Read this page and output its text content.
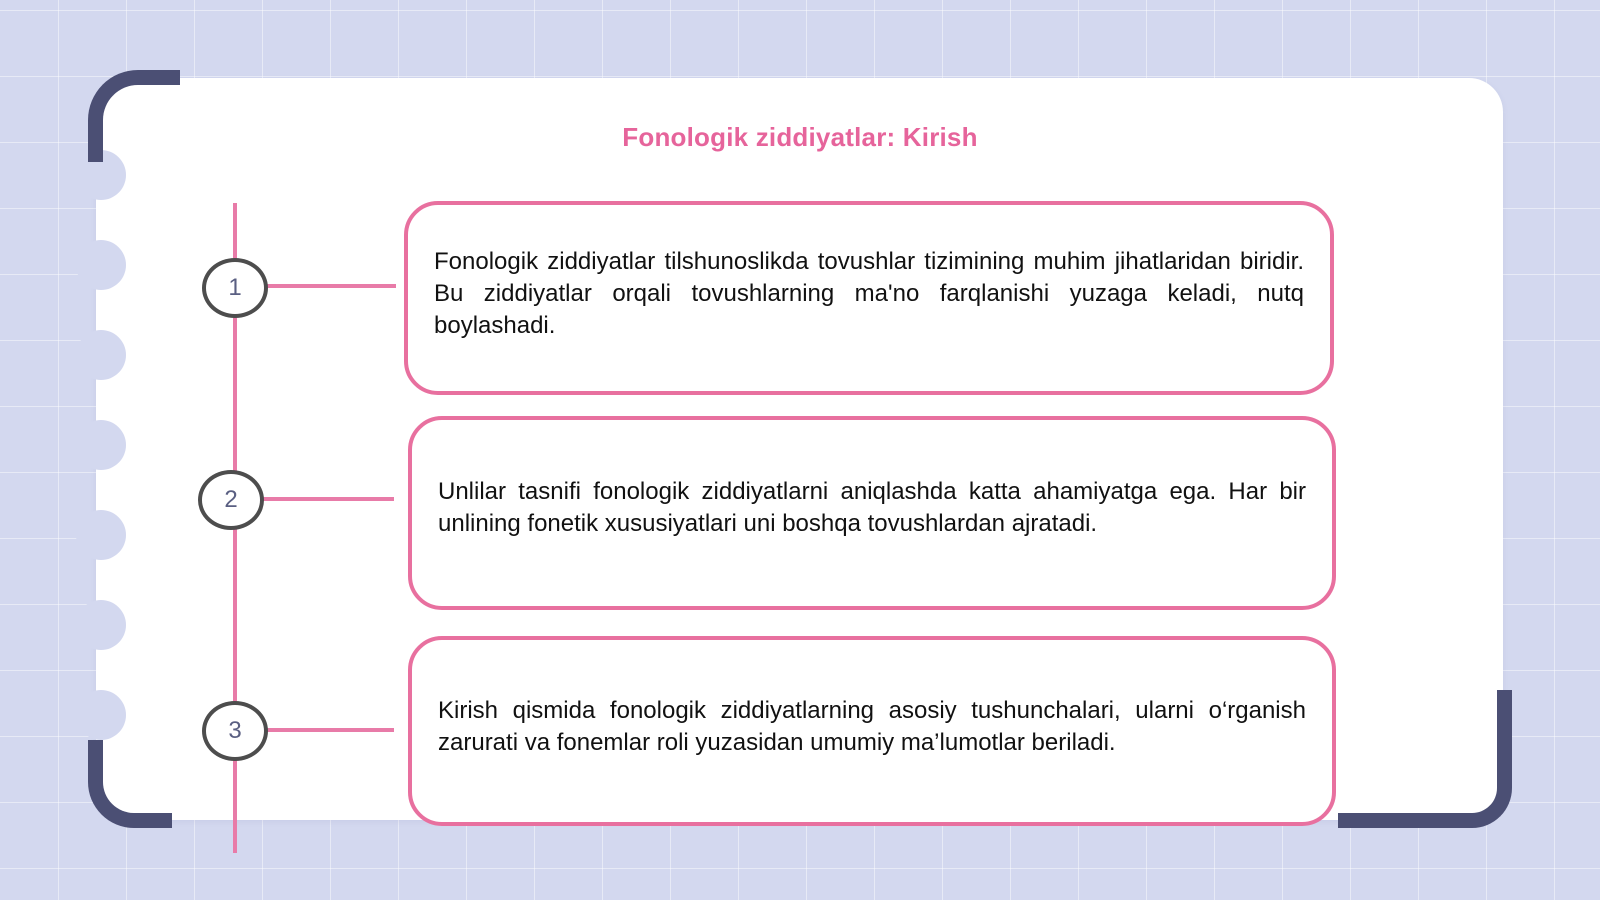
Fonologik ziddiyatlar: Kirish
1
2
3

Fonologik ziddiyatlar tilshunoslikda tovushlar tizimining muhim jihatlaridan biridir. Bu ziddiyatlar orqali tovushlarning ma'no farqlanishi yuzaga keladi, nutq boylashadi.

Unlilar tasnifi fonologik ziddiyatlarni aniqlashda katta ahamiyatga ega. Har bir unlining fonetik xususiyatlari uni boshqa tovushlardan ajratadi.

Kirish qismida fonologik ziddiyatlarning asosiy tushunchalari, ularni o‘rganish zarurati va fonemlar roli yuzasidan umumiy ma’lumotlar beriladi.
